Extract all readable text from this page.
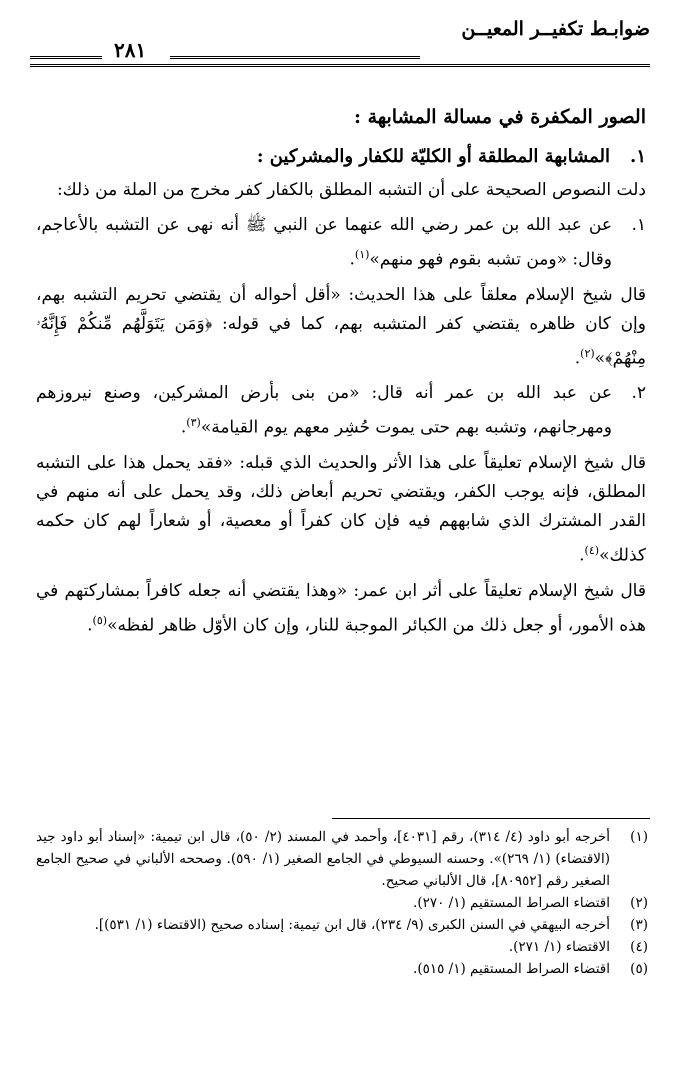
ضوابـط تكفيــر المعيــن
٢٨١
الصور المكفرة في مسالة المشابهة :
١.
المشابهة المطلقة أو الكليّة للكفار والمشركين :
دلت النصوص الصحيحة على أن التشبه المطلق بالكفار كفر مخرج من الملة من ذلك:
١.
عن عبد الله بن عمر رضي الله عنهما عن النبي ﷺ أنه نهى عن التشبه بالأعاجم، وقال: «ومن تشبه بقوم فهو منهم»$^{(١)}$.
قال شيخ الإسلام معلقاً على هذا الحديث: «أقل أحواله أن يقتضي تحريم التشبه بهم، وإن كان ظاهره يقتضي كفر المتشبه بهم، كما في قوله: ﴿وَمَن يَتَوَلَّهُم مِّنكُمْ فَإِنَّهُۥ مِنْهُمْ﴾»$^{(٢)}$.
٢.
عن عبد الله بن عمر أنه قال: «من بنى بأرض المشركين، وصنع نيروزهم ومهرجانهم، وتشبه بهم حتى يموت حُشِر معهم يوم القيامة»$^{(٣)}$.
قال شيخ الإسلام تعليقاً على هذا الأثر والحديث الذي قبله: «فقد يحمل هذا على التشبه المطلق، فإنه يوجب الكفر، ويقتضي تحريم أبعاض ذلك، وقد يحمل على أنه منهم في القدر المشترك الذي شابههم فيه فإن كان كفراً أو معصية، أو شعاراً لهم كان حكمه كذلك»$^{(٤)}$.
قال شيخ الإسلام تعليقاً على أثر ابن عمر: «وهذا يقتضي أنه جعله كافراً بمشاركتهم في هذه الأمور، أو جعل ذلك من الكبائر الموجبة للنار، وإن كان الأوّل ظاهر لفظه»$^{(٥)}$.
(١)
أخرجه أبو داود (٤/ ٣١٤)، رقم [٤٠٣١]، وأحمد في المسند (٢/ ٥٠)، قال ابن تيمية: «إسناد أبو داود جيد (الاقتضاء) (١/ ٢٦٩)». وحسنه السيوطي في الجامع الصغير (١/ ٥٩٠). وصححه الألباني في صحيح الجامع الصغير رقم [٨٠٩٥٢]، قال الألباني صحيح.
(٢)
اقتضاء الصراط المستقيم (١/ ٢٧٠).
(٣)
أخرجه البيهقي في السنن الكبرى (٩/ ٢٣٤)، قال ابن تيمية: إسناده صحيح (الاقتضاء (١/ ٥٣١)].
(٤)
الاقتضاء (١/ ٢٧١).
(٥)
اقتضاء الصراط المستقيم (١/ ٥١٥).
